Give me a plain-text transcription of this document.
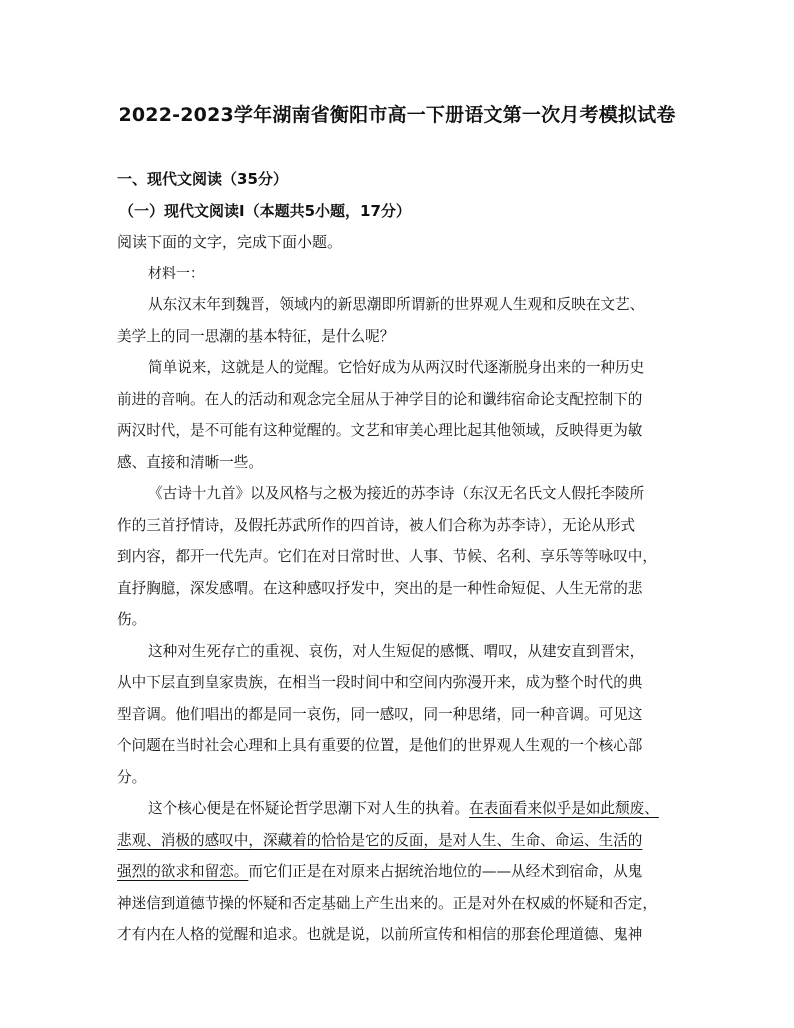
2022-2023学年湖南省衡阳市高一下册语文第一次月考模拟试卷
一、现代文阅读（35分）
（一）现代文阅读Ⅰ（本题共5小题，17分）
阅读下面的文字，完成下面小题。
材料一：
从东汉末年到魏晋，领域内的新思潮即所谓新的世界观人生观和反映在文艺、
美学上的同一思潮的基本特征，是什么呢？
简单说来，这就是人的觉醒。它恰好成为从两汉时代逐渐脱身出来的一种历史
前进的音响。在人的活动和观念完全屈从于神学目的论和谶纬宿命论支配控制下的
两汉时代，是不可能有这种觉醒的。文艺和审美心理比起其他领域，反映得更为敏
感、直接和清晰一些。
《古诗十九首》以及风格与之极为接近的苏李诗（东汉无名氏文人假托李陵所
作的三首抒情诗，及假托苏武所作的四首诗，被人们合称为苏李诗），无论从形式
到内容，都开一代先声。它们在对日常时世、人事、节候、名利、享乐等等咏叹中，
直抒胸臆，深发感喟。在这种感叹抒发中，突出的是一种性命短促、人生无常的悲
伤。
这种对生死存亡的重视、哀伤，对人生短促的感慨、喟叹，从建安直到晋宋，
从中下层直到皇家贵族，在相当一段时间中和空间内弥漫开来，成为整个时代的典
型音调。他们唱出的都是同一哀伤，同一感叹，同一种思绪，同一种音调。可见这
个问题在当时社会心理和上具有重要的位置，是他们的世界观人生观的一个核心部
分。
这个核心便是在怀疑论哲学思潮下对人生的执着。在表面看来似乎是如此颓废、
悲观、消极的感叹中，深藏着的恰恰是它的反面，是对人生、生命、命运、生活的
强烈的欲求和留恋。而它们正是在对原来占据统治地位的——从经术到宿命，从鬼
神迷信到道德节操的怀疑和否定基础上产生出来的。正是对外在权威的怀疑和否定，
才有内在人格的觉醒和追求。也就是说，以前所宣传和相信的那套伦理道德、鬼神
